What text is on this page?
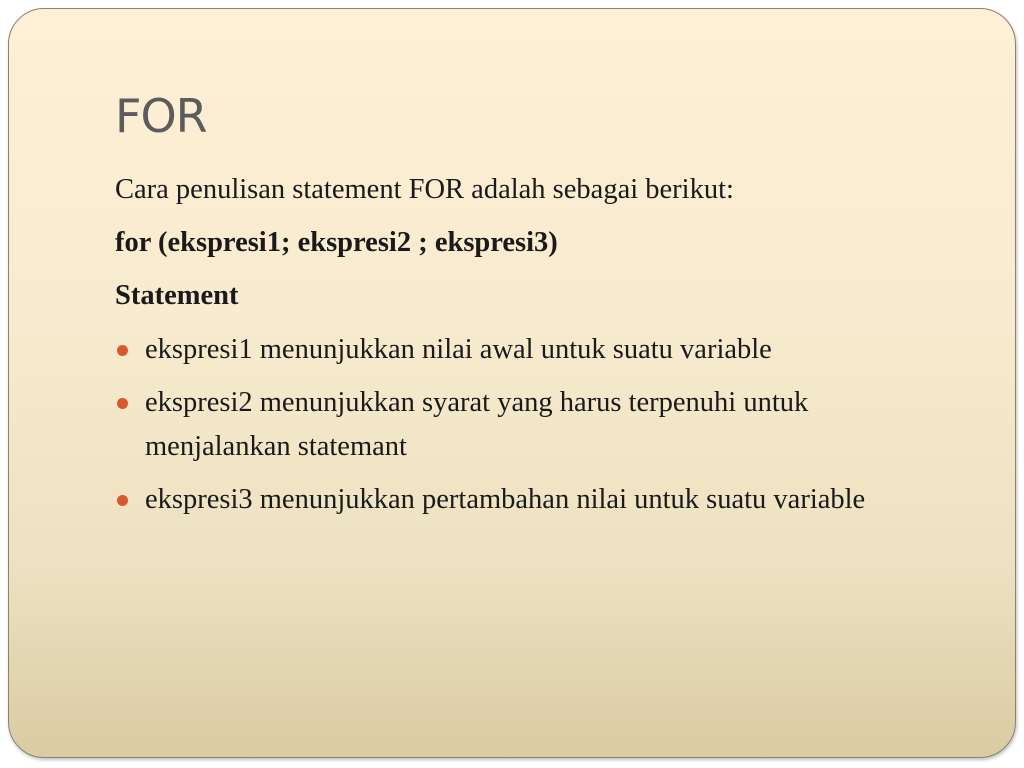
FOR
Cara penulisan statement FOR adalah sebagai berikut:
for (ekspresi1; ekspresi2 ; ekspresi3)
Statement
ekspresi1 menunjukkan nilai awal untuk suatu variable
ekspresi2 menunjukkan syarat yang harus terpenuhi untuk menjalankan statemant
ekspresi3 menunjukkan pertambahan nilai untuk suatu variable
